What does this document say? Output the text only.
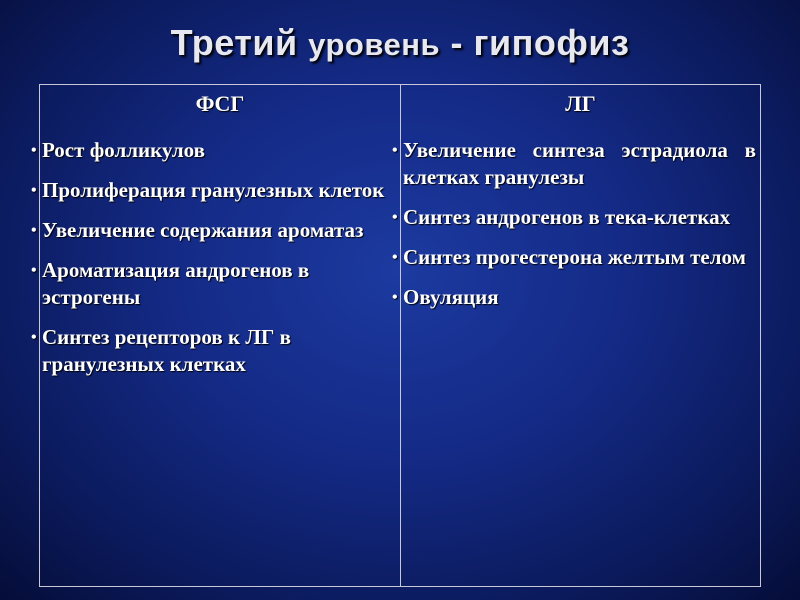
Третий уровень - гипофиз
ФСГ
• Рост фолликулов
• Пролиферация гранулезных клеток
• Увеличение содержания ароматаз
• Ароматизация андрогенов в эстрогены
• Синтез рецепторов к ЛГ в гранулезных клетках
ЛГ
• Увеличение синтеза эстрадиола в клетках гранулезы
• Синтез андрогенов в тека-клетках
• Синтез прогестерона желтым телом
• Овуляция
